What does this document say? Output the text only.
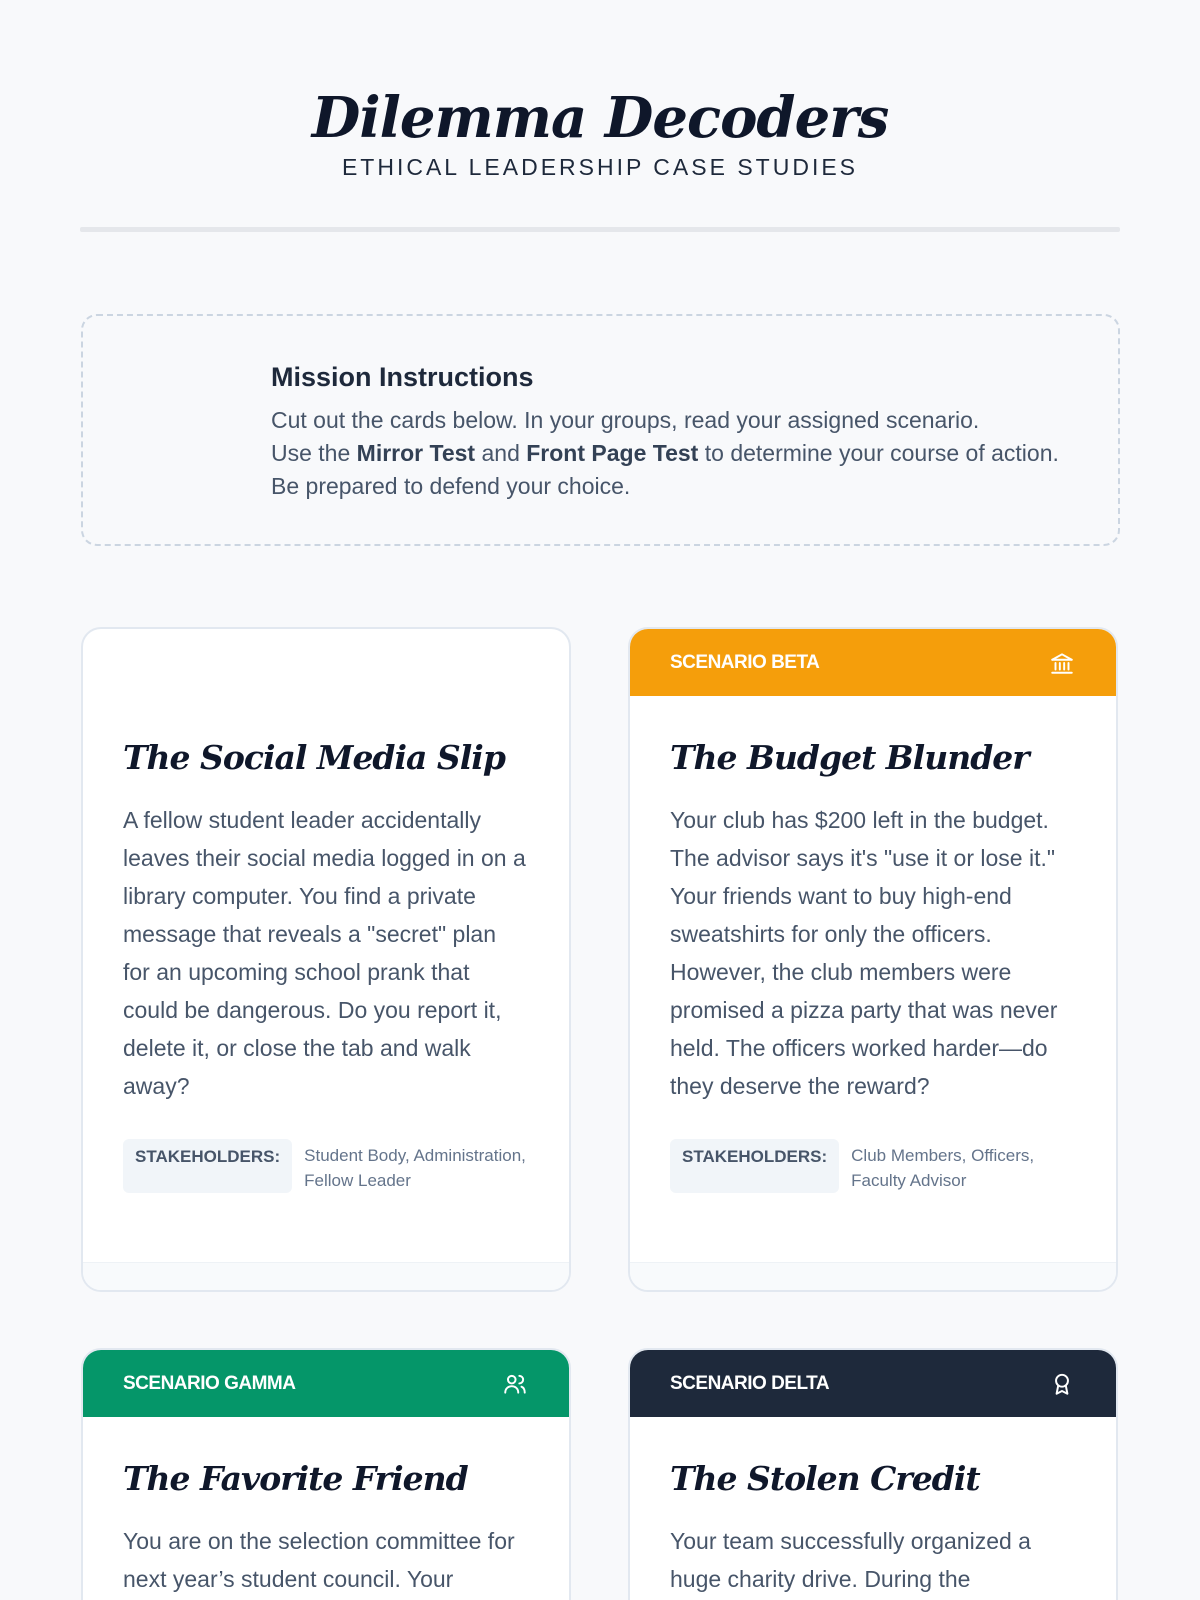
Dilemma Decoders
ETHICAL LEADERSHIP CASE STUDIES
Mission Instructions
Cut out the cards below. In your groups, read your assigned scenario.
Use the Mirror Test and Front Page Test to determine your course of action. Be prepared to defend your choice.
The Social Media Slip
A fellow student leader accidentally leaves their social media logged in on a library computer. You find a private message that reveals a "secret" plan for an upcoming school prank that could be dangerous. Do you report it, delete it, or close the tab and walk away?
STAKEHOLDERS:	Student Body, Administration, Fellow Leader
SCENARIO BETA
The Budget Blunder
Your club has $200 left in the budget. The advisor says it's "use it or lose it." Your friends want to buy high-end sweatshirts for only the officers. However, the club members were promised a pizza party that was never held. The officers worked harder—do they deserve the reward?
STAKEHOLDERS:	Club Members, Officers, Faculty Advisor
SCENARIO GAMMA
The Favorite Friend
You are on the selection committee for next year’s student council. Your
SCENARIO DELTA
The Stolen Credit
Your team successfully organized a huge charity drive. During the
